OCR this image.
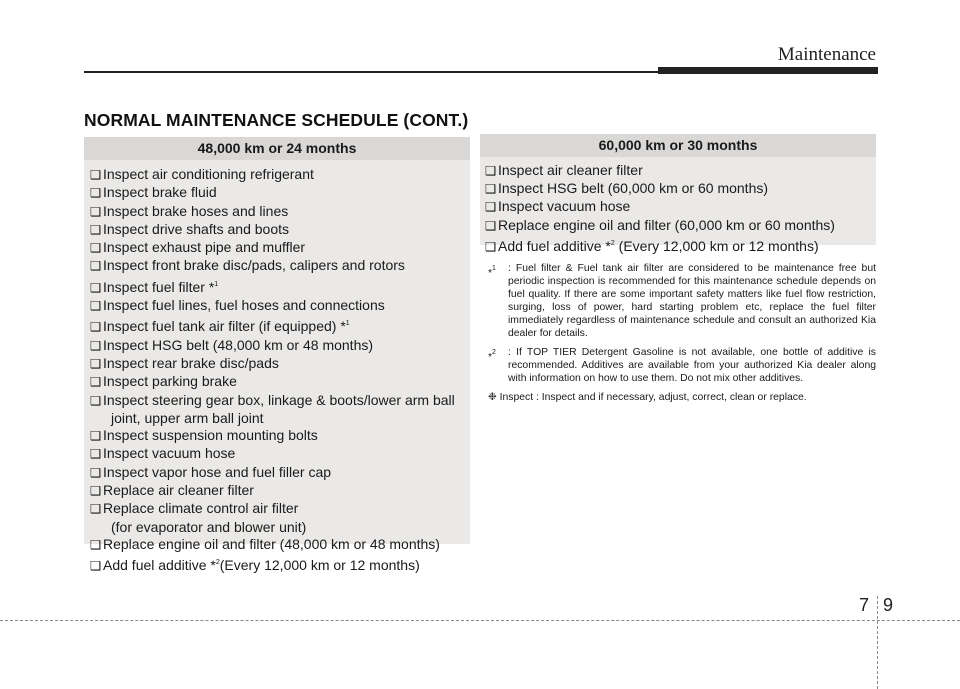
Maintenance
NORMAL MAINTENANCE SCHEDULE (CONT.)
48,000 km or 24 months
❑ Inspect air conditioning refrigerant
❑ Inspect brake fluid
❑ Inspect brake hoses and lines
❑ Inspect drive shafts and boots
❑ Inspect exhaust pipe and muffler
❑ Inspect front brake disc/pads, calipers and rotors
❑ Inspect fuel filter *$^1$
❑ Inspect fuel lines, fuel hoses and connections
❑ Inspect fuel tank air filter (if equipped) *$^1$
❑ Inspect HSG belt (48,000 km or 48 months)
❑ Inspect rear brake disc/pads
❑ Inspect parking brake
❑ Inspect steering gear box, linkage & boots/lower arm ball
joint, upper arm ball joint
❑ Inspect suspension mounting bolts
❑ Inspect vacuum hose
❑ Inspect vapor hose and fuel filler cap
❑ Replace air cleaner filter
❑ Replace climate control air filter
(for evaporator and blower unit)
❑ Replace engine oil and filter (48,000 km or 48 months)
❑ Add fuel additive *$^2$(Every 12,000 km or 12 months)
60,000 km or 30 months
❑ Inspect air cleaner filter
❑ Inspect HSG belt (60,000 km or 60 months)
❑ Inspect vacuum hose
❑ Replace engine oil and filter (60,000 km or 60 months)
❑ Add fuel additive *$^2$ (Every 12,000 km or 12 months)
*$^1$	: Fuel filter & Fuel tank air filter are considered to be maintenance free but periodic inspection is recommended for this maintenance schedule depends on fuel quality. If there are some important safety matters like fuel flow restriction, surging, loss of power, hard starting problem etc, replace the fuel filter immediately regardless of maintenance schedule and consult an authorized Kia dealer for details.
*$^2$	: If TOP TIER Detergent Gasoline is not available, one bottle of additive is recommended. Additives are available from your authorized Kia dealer along with information on how to use them. Do not mix other additives.
❉ Inspect : Inspect and if necessary, adjust, correct, clean or replace.
7 9
